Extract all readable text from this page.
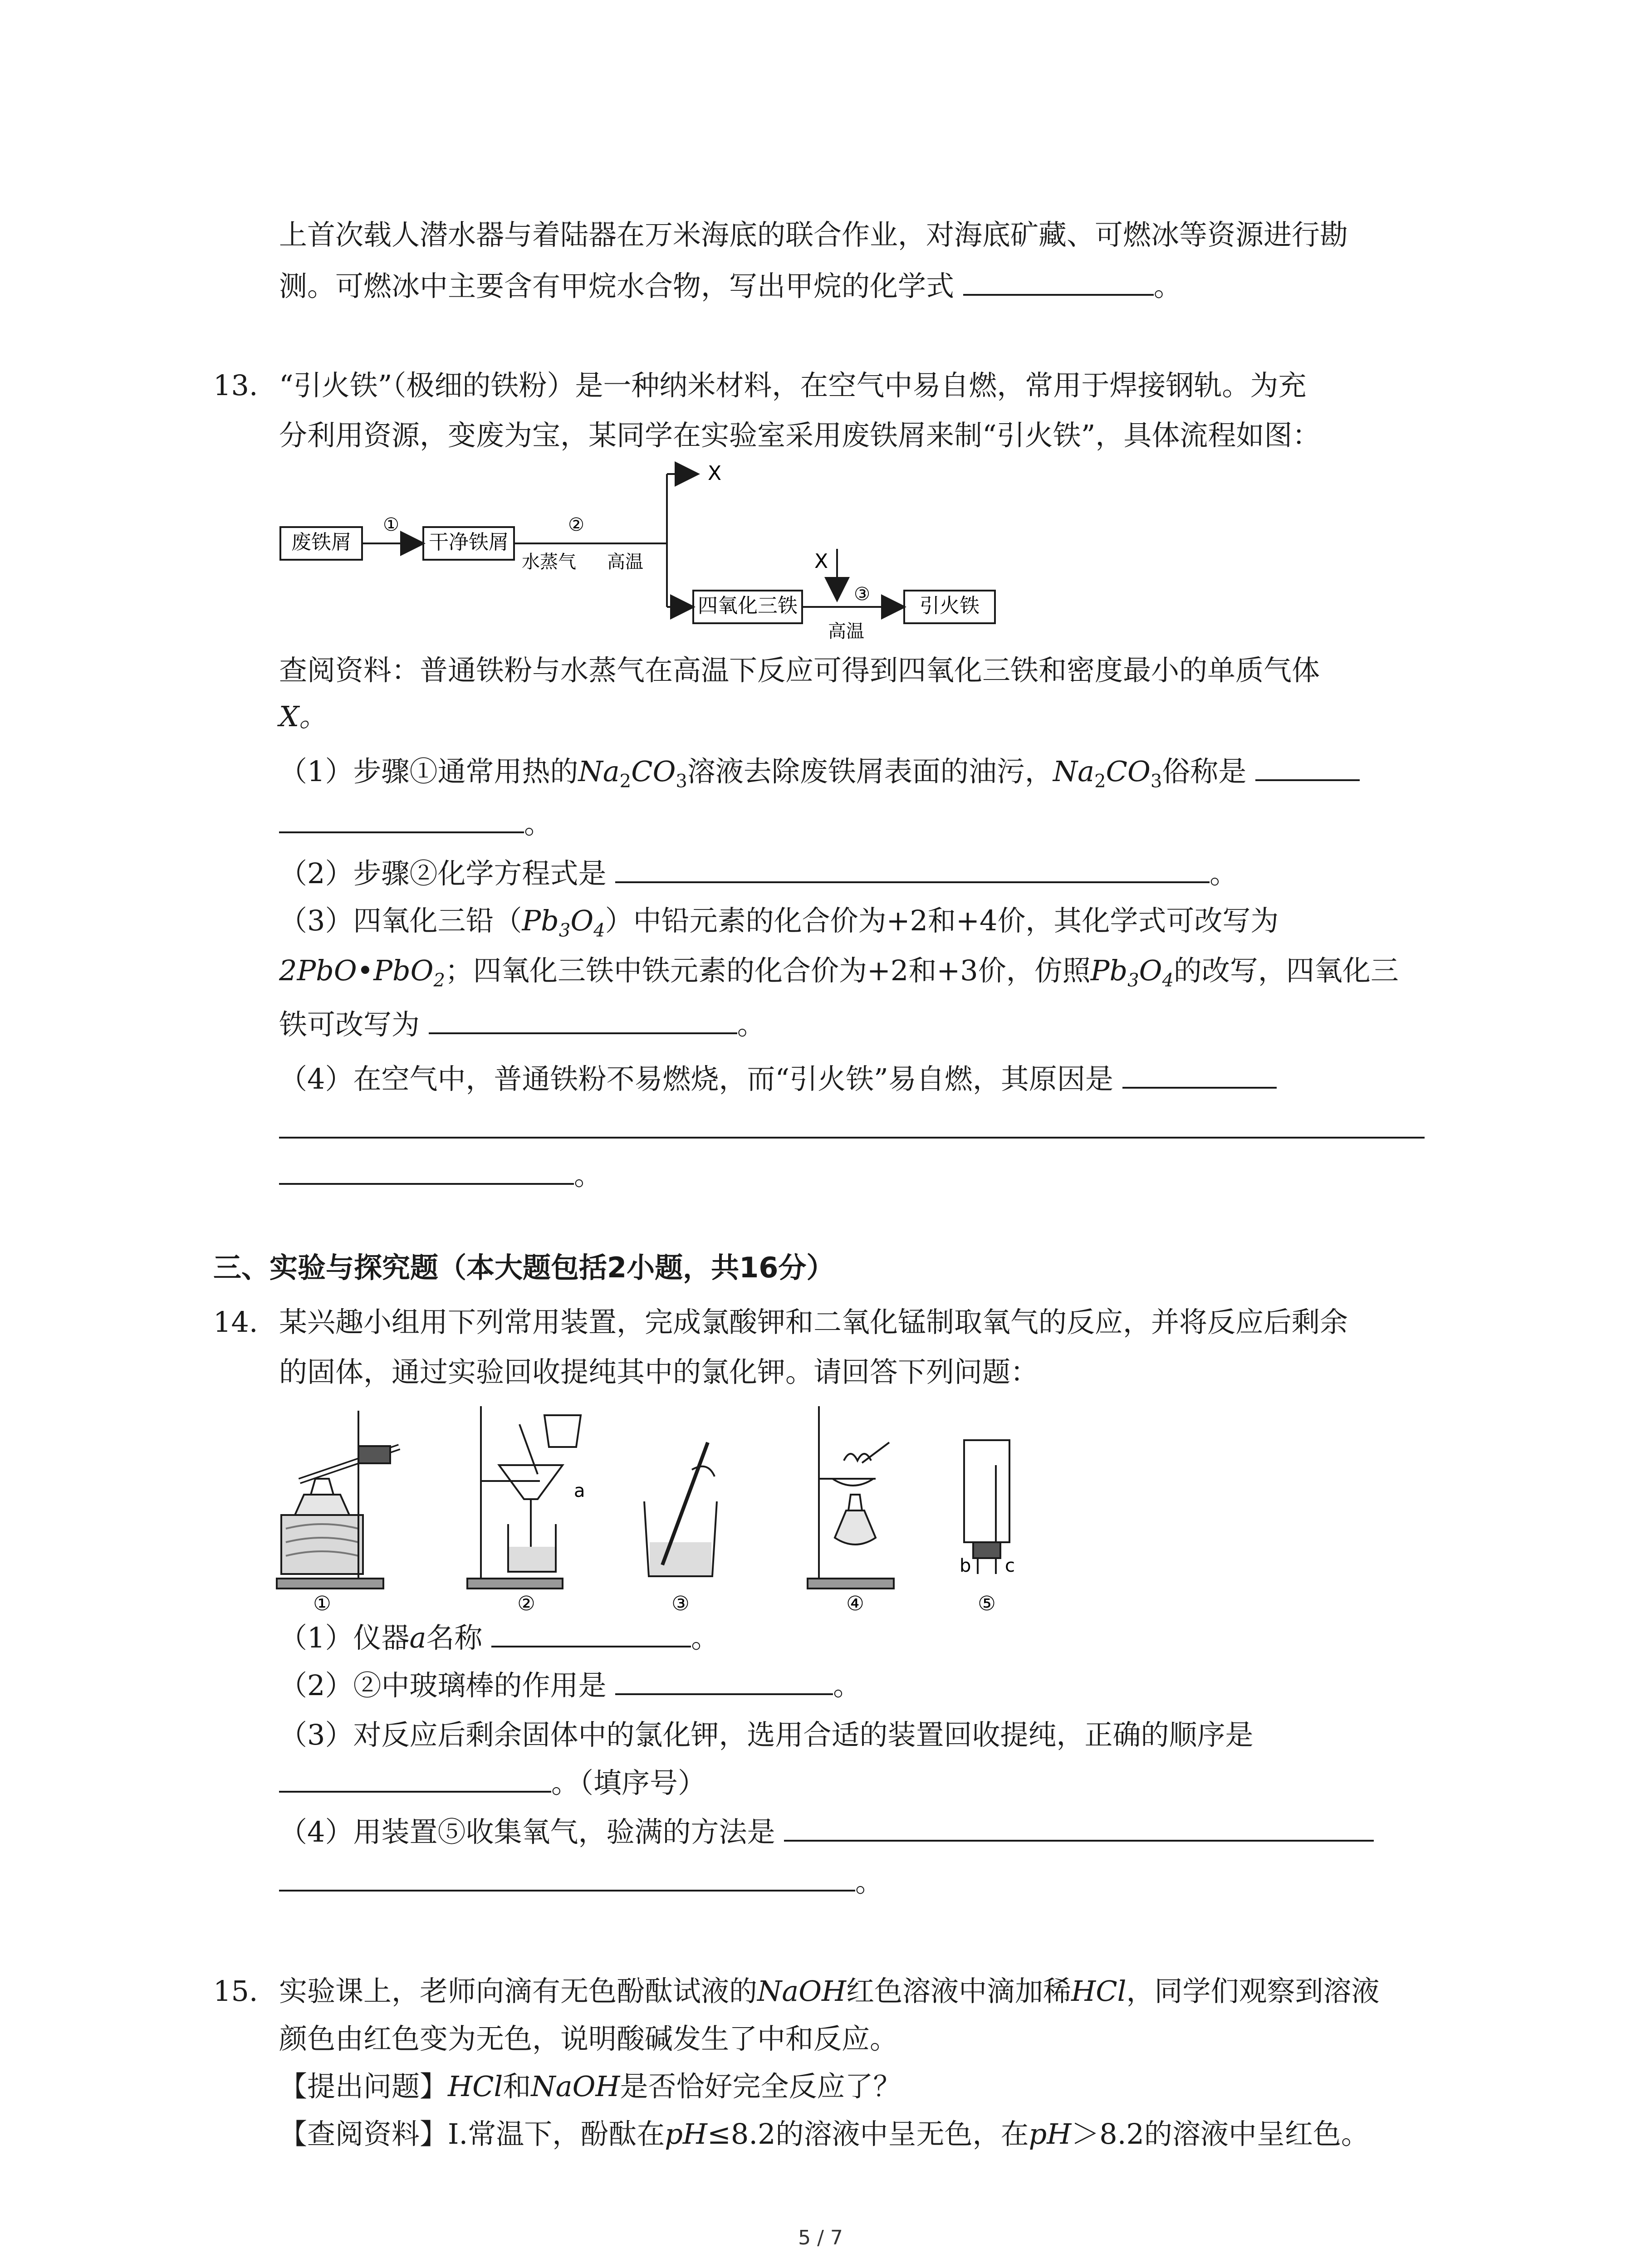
上首次载人潜水器与着陆器在万米海底的联合作业，对海底矿藏、可燃冰等资源进行勘
测。可燃冰中主要含有甲烷水合物，写出甲烷的化学式	。
13. “引火铁”（极细的铁粉）是一种纳米材料，在空气中易自燃，常用于焊接钢轨。为充
分利用资源，变废为宝，某同学在实验室采用废铁屑来制“引火铁”，具体流程如图：
废铁屑
①
干净铁屑
②
水蒸气 高温
X
四氧化三铁
X
③
高温
引火铁
查阅资料：普通铁粉与水蒸气在高温下反应可得到四氧化三铁和密度最小的单质气体
X。
（1）步骤①通常用热的$Na_2CO_3$溶液去除废铁屑表面的油污，$Na_2CO_3$俗称是
。
（2）步骤②化学方程式是	。
（3）四氧化三铅$(Pb_3O_4)$中铅元素的化合价为+2和+4价，其化学式可改写为
2PbO•PbO$_2$；四氧化三铁中铁元素的化合价为+2和+3价，仿照$Pb_3O_4$的改写，四氧化三
铁可改写为	。
（4）在空气中，普通铁粉不易燃烧，而“引火铁”易自燃，其原因是
。
三、实验与探究题（本大题包括2小题，共16分）
14. 某兴趣小组用下列常用装置，完成氯酸钾和二氧化锰制取氧气的反应，并将反应后剩余
的固体，通过实验回收提纯其中的氯化钾。请回答下列问题：
①
a
②	③	④
b c
⑤
（1）仪器a名称	。
（2）②中玻璃棒的作用是	。
（3）对反应后剩余固体中的氯化钾，选用合适的装置回收提纯，正确的顺序是
。（填序号）
（4）用装置⑤收集氧气，验满的方法是
。
15. 实验课上，老师向滴有无色酚酞试液的NaOH红色溶液中滴加稀HCl，同学们观察到溶液
颜色由红色变为无色，说明酸碱发生了中和反应。
【提出问题】HCl和NaOH是否恰好完全反应了？
【查阅资料】Ⅰ.常温下，酚酞在pH≤8.2的溶液中呈无色，在pH＞8.2的溶液中呈红色。
5 / 7
